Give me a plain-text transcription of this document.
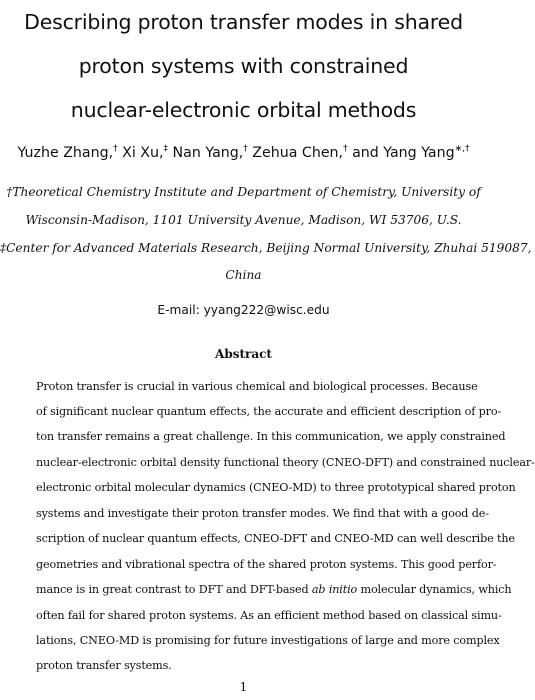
Describing proton transfer modes in shared
proton systems with constrained
nuclear-electronic orbital methods
Yuzhe Zhang,† Xi Xu,‡ Nan Yang,† Zehua Chen,† and Yang Yang∗,†
†Theoretical Chemistry Institute and Department of Chemistry, University of
Wisconsin-Madison, 1101 University Avenue, Madison, WI 53706, U.S.
‡Center for Advanced Materials Research, Beijing Normal University, Zhuhai 519087,
China
E-mail: yyang222@wisc.edu
Abstract
Proton transfer is crucial in various chemical and biological processes. Because
of significant nuclear quantum effects, the accurate and efficient description of pro-
ton transfer remains a great challenge. In this communication, we apply constrained
nuclear-electronic orbital density functional theory (CNEO-DFT) and constrained nuclear-
electronic orbital molecular dynamics (CNEO-MD) to three prototypical shared proton
systems and investigate their proton transfer modes. We find that with a good de-
scription of nuclear quantum effects, CNEO-DFT and CNEO-MD can well describe the
geometries and vibrational spectra of the shared proton systems. This good perfor-
mance is in great contrast to DFT and DFT-based ab initio molecular dynamics, which
often fail for shared proton systems. As an efficient method based on classical simu-
lations, CNEO-MD is promising for future investigations of large and more complex
proton transfer systems.
1
